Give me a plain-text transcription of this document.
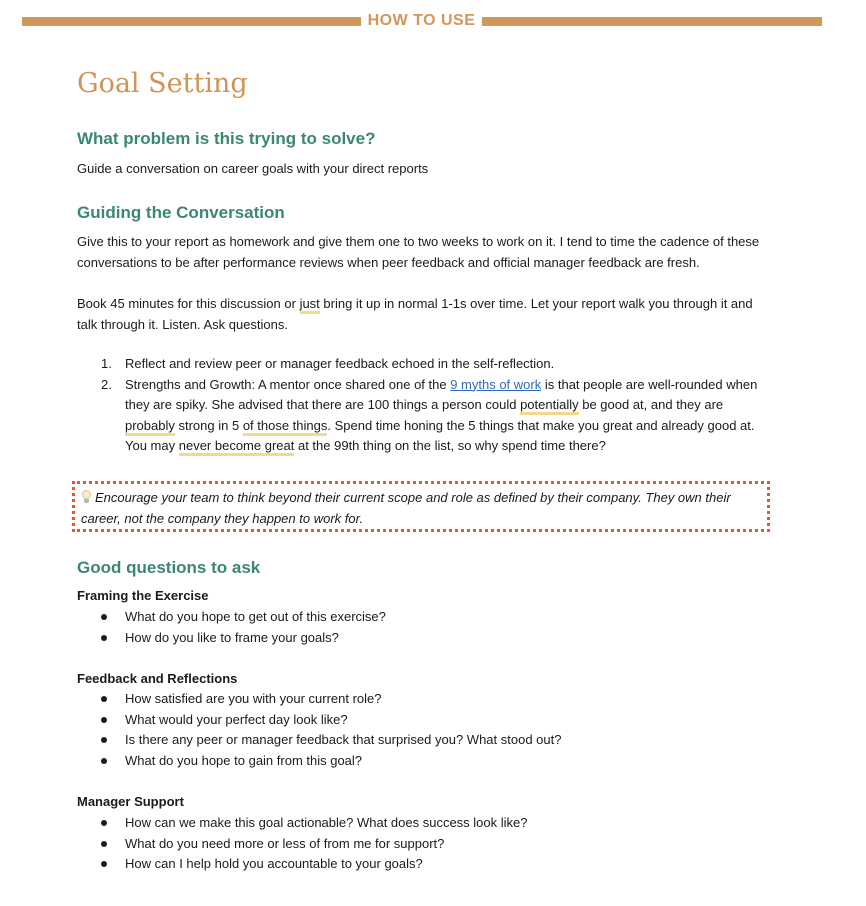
HOW TO USE
Goal Setting
What problem is this trying to solve?

Guide a conversation on career goals with your direct reports

Guiding the Conversation

Give this to your report as homework and give them one to two weeks to work on it. I tend to time the cadence of these conversations to be after performance reviews when peer feedback and official manager feedback are fresh.

Book 45 minutes for this discussion or just bring it up in normal 1-1s over time. Let your report walk you through it and talk through it. Listen. Ask questions.

1. Reflect and review peer or manager feedback echoed in the self-reflection.
2. Strengths and Growth: A mentor once shared one of the 9 myths of work is that people are well-rounded when they are spiky. She advised that there are 100 things a person could potentially be good at, and they are probably strong in 5 of those things. Spend time honing the 5 things that make you great and already good at. You may never become great at the 99th thing on the list, so why spend time there?

Encourage your team to think beyond their current scope and role as defined by their company. They own their career, not the company they happen to work for.

Good questions to ask
Framing the Exercise
What do you hope to get out of this exercise?
How do you like to frame your goals?
Feedback and Reflections
How satisfied are you with your current role?
What would your perfect day look like?
Is there any peer or manager feedback that surprised you? What stood out?
What do you hope to gain from this goal?
Manager Support
How can we make this goal actionable? What does success look like?
What do you need more or less of from me for support?
How can I help hold you accountable to your goals?
